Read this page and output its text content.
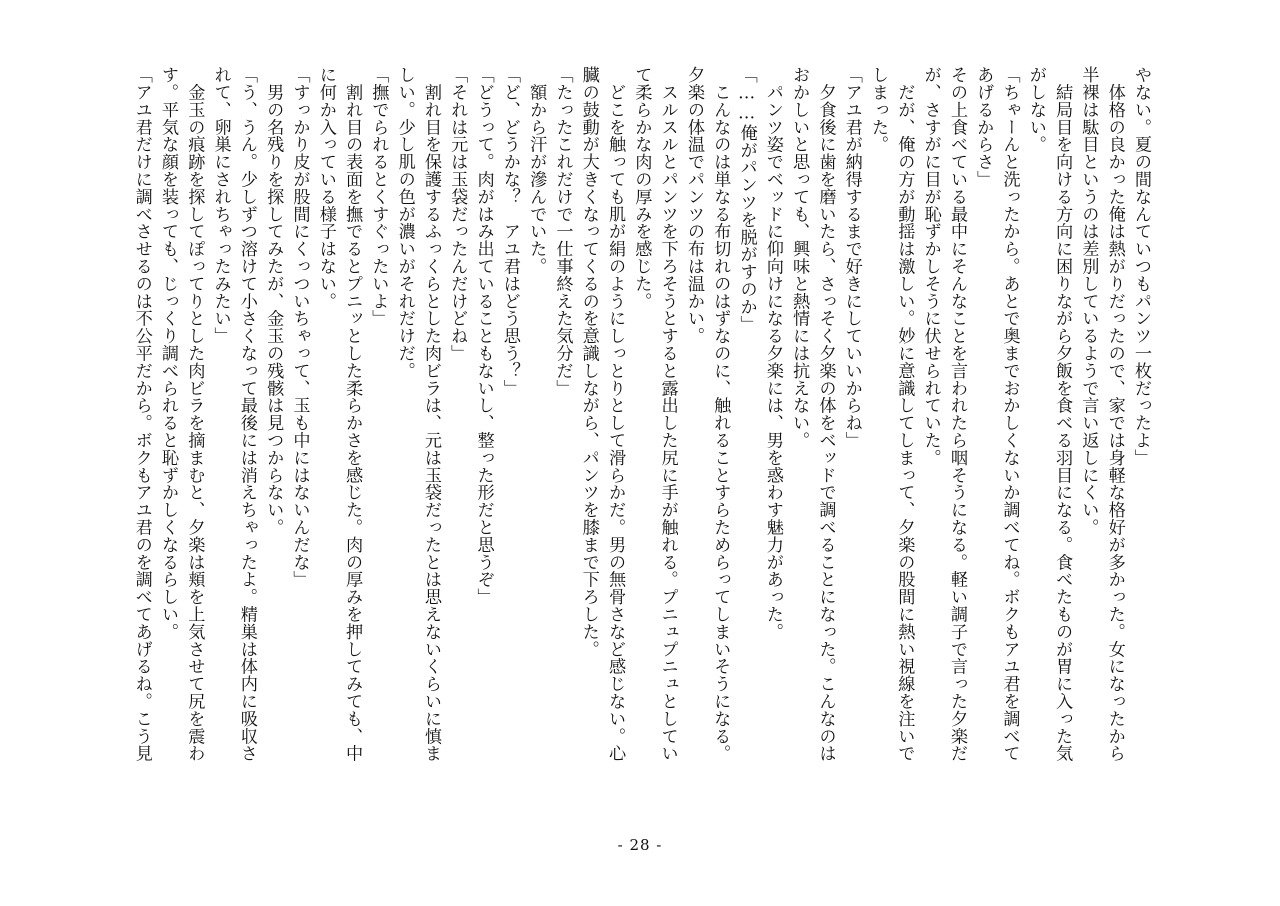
やない。夏の間なんていつもパンツ一枚だったよ」
　体格の良かった俺は熱がりだったので、家では身軽な格好が多かった。女になったから
半裸は駄目というのは差別しているようで言い返しにくい。
　結局目を向ける方向に困りながら夕飯を食べる羽目になる。食べたものが胃に入った気
がしない。
「ちゃーんと洗ったから。あとで奥までおかしくないか調べてね。ボクもアユ君を調べて
あげるからさ」
その上食べている最中にそんなことを言われたら咽そうになる。軽い調子で言った夕楽だ
が、さすがに目が恥ずかしそうに伏せられていた。
　だが、俺の方が動揺は激しい。妙に意識してしまって、夕楽の股間に熱い視線を注いで
しまった。
「アユ君が納得するまで好きにしていいからね」
　夕食後に歯を磨いたら、さっそく夕楽の体をベッドで調べることになった。こんなのは
おかしいと思っても、興味と熱情には抗えない。
　パンツ姿でベッドに仰向けになる夕楽には、男を惑わす魅力があった。
「……俺がパンツを脱がすのか」
　こんなのは単なる布切れのはずなのに、触れることすらためらってしまいそうになる。
夕楽の体温でパンツの布は温かい。
　スルスルとパンツを下ろそうとすると露出した尻に手が触れる。プニュプニュとしてい
て柔らかな肉の厚みを感じた。
　どこを触っても肌が絹のようにしっとりとして滑らかだ。男の無骨さなど感じない。心
臓の鼓動が大きくなってくるのを意識しながら、パンツを膝まで下ろした。
「たったこれだけで一仕事終えた気分だ」
　額から汗が滲んでいた。
「ど、どうかな？　アユ君はどう思う？」
「どうって。肉がはみ出ていることもないし、整った形だと思うぞ」
「それは元は玉袋だったんだけどね」
　割れ目を保護するふっくらとした肉ビラは、元は玉袋だったとは思えないくらいに慎ま
しい。少し肌の色が濃いがそれだけだ。
「撫でられるとくすぐったいよ」
　割れ目の表面を撫でるとプニッとした柔らかさを感じた。肉の厚みを押してみても、中
に何か入っている様子はない。
「すっかり皮が股間にくっついちゃって、玉も中にはないんだな」
　男の名残りを探してみたが、金玉の残骸は見つからない。
「う、うん。少しずつ溶けて小さくなって最後には消えちゃったよ。精巣は体内に吸収さ
れて、卵巣にされちゃったみたい」
　金玉の痕跡を探してぽってりとした肉ビラを摘まむと、夕楽は頬を上気させて尻を震わ
す。平気な顔を装っても、じっくり調べられると恥ずかしくなるらしい。
「アユ君だけに調べさせるのは不公平だから。ボクもアユ君のを調べてあげるね。こう見
- 28 -
